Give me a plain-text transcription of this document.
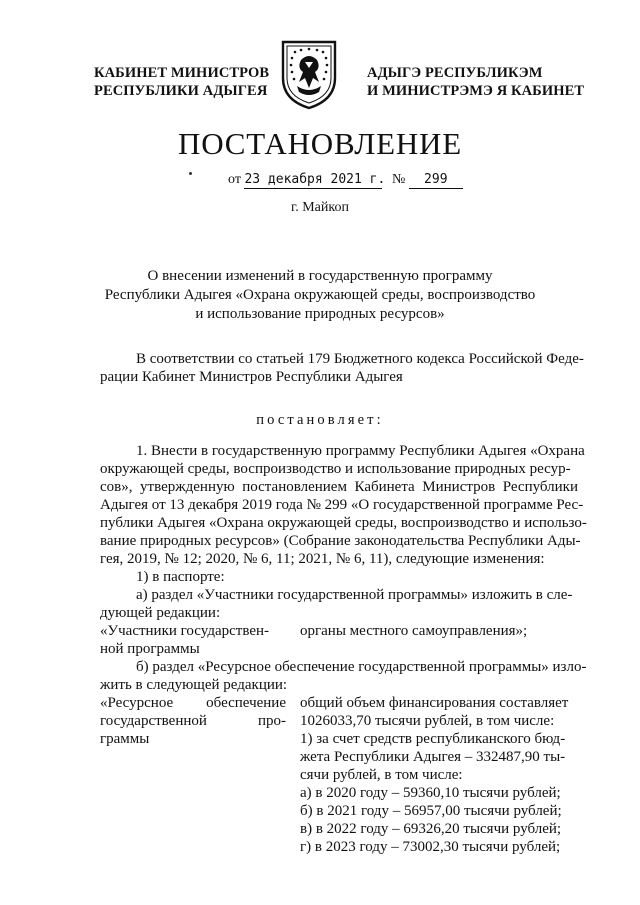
КАБИНЕТ МИНИСТРОВ
РЕСПУБЛИКИ АДЫГЕЯ
АДЫГЭ РЕСПУБЛИКЭМ
И МИНИСТРЭМЭ Я КАБИНЕТ
ПОСТАНОВЛЕНИЕ
от 23 декабря 2021 г. № 299
г. Майкоп
О внесении изменений в государственную программу
Республики Адыгея «Охрана окружающей среды, воспроизводство
и использование природных ресурсов»
В соответствии со статьей 179 Бюджетного кодекса Российской Феде-
рации Кабинет Министров Республики Адыгея
постановляет:
1. Внести в государственную программу Республики Адыгея «Охрана
окружающей среды, воспроизводство и использование природных ресур-
сов», утвержденную постановлением Кабинета Министров Республики
Адыгея от 13 декабря 2019 года № 299 «О государственной программе Рес-
публики Адыгея «Охрана окружающей среды, воспроизводство и использо-
вание природных ресурсов» (Собрание законодательства Республики Ады-
гея, 2019, № 12; 2020, № 6, 11; 2021, № 6, 11), следующие изменения:
1) в паспорте:
а) раздел «Участники государственной программы» изложить в сле-
дующей редакции:
«Участники государствен-
ной программы
органы местного самоуправления»;
б) раздел «Ресурсное обеспечение государственной программы» изло-
жить в следующей редакции:
«Ресурсное обеспечение
государственной	про-
граммы
общий объем финансирования составляет
1026033,70 тысячи рублей, в том числе:
1) за счет средств республиканского бюд-
жета Республики Адыгея – 332487,90 ты-
сячи рублей, в том числе:
а) в 2020 году – 59360,10 тысячи рублей;
б) в 2021 году – 56957,00 тысячи рублей;
в) в 2022 году – 69326,20 тысячи рублей;
г) в 2023 году – 73002,30 тысячи рублей;
